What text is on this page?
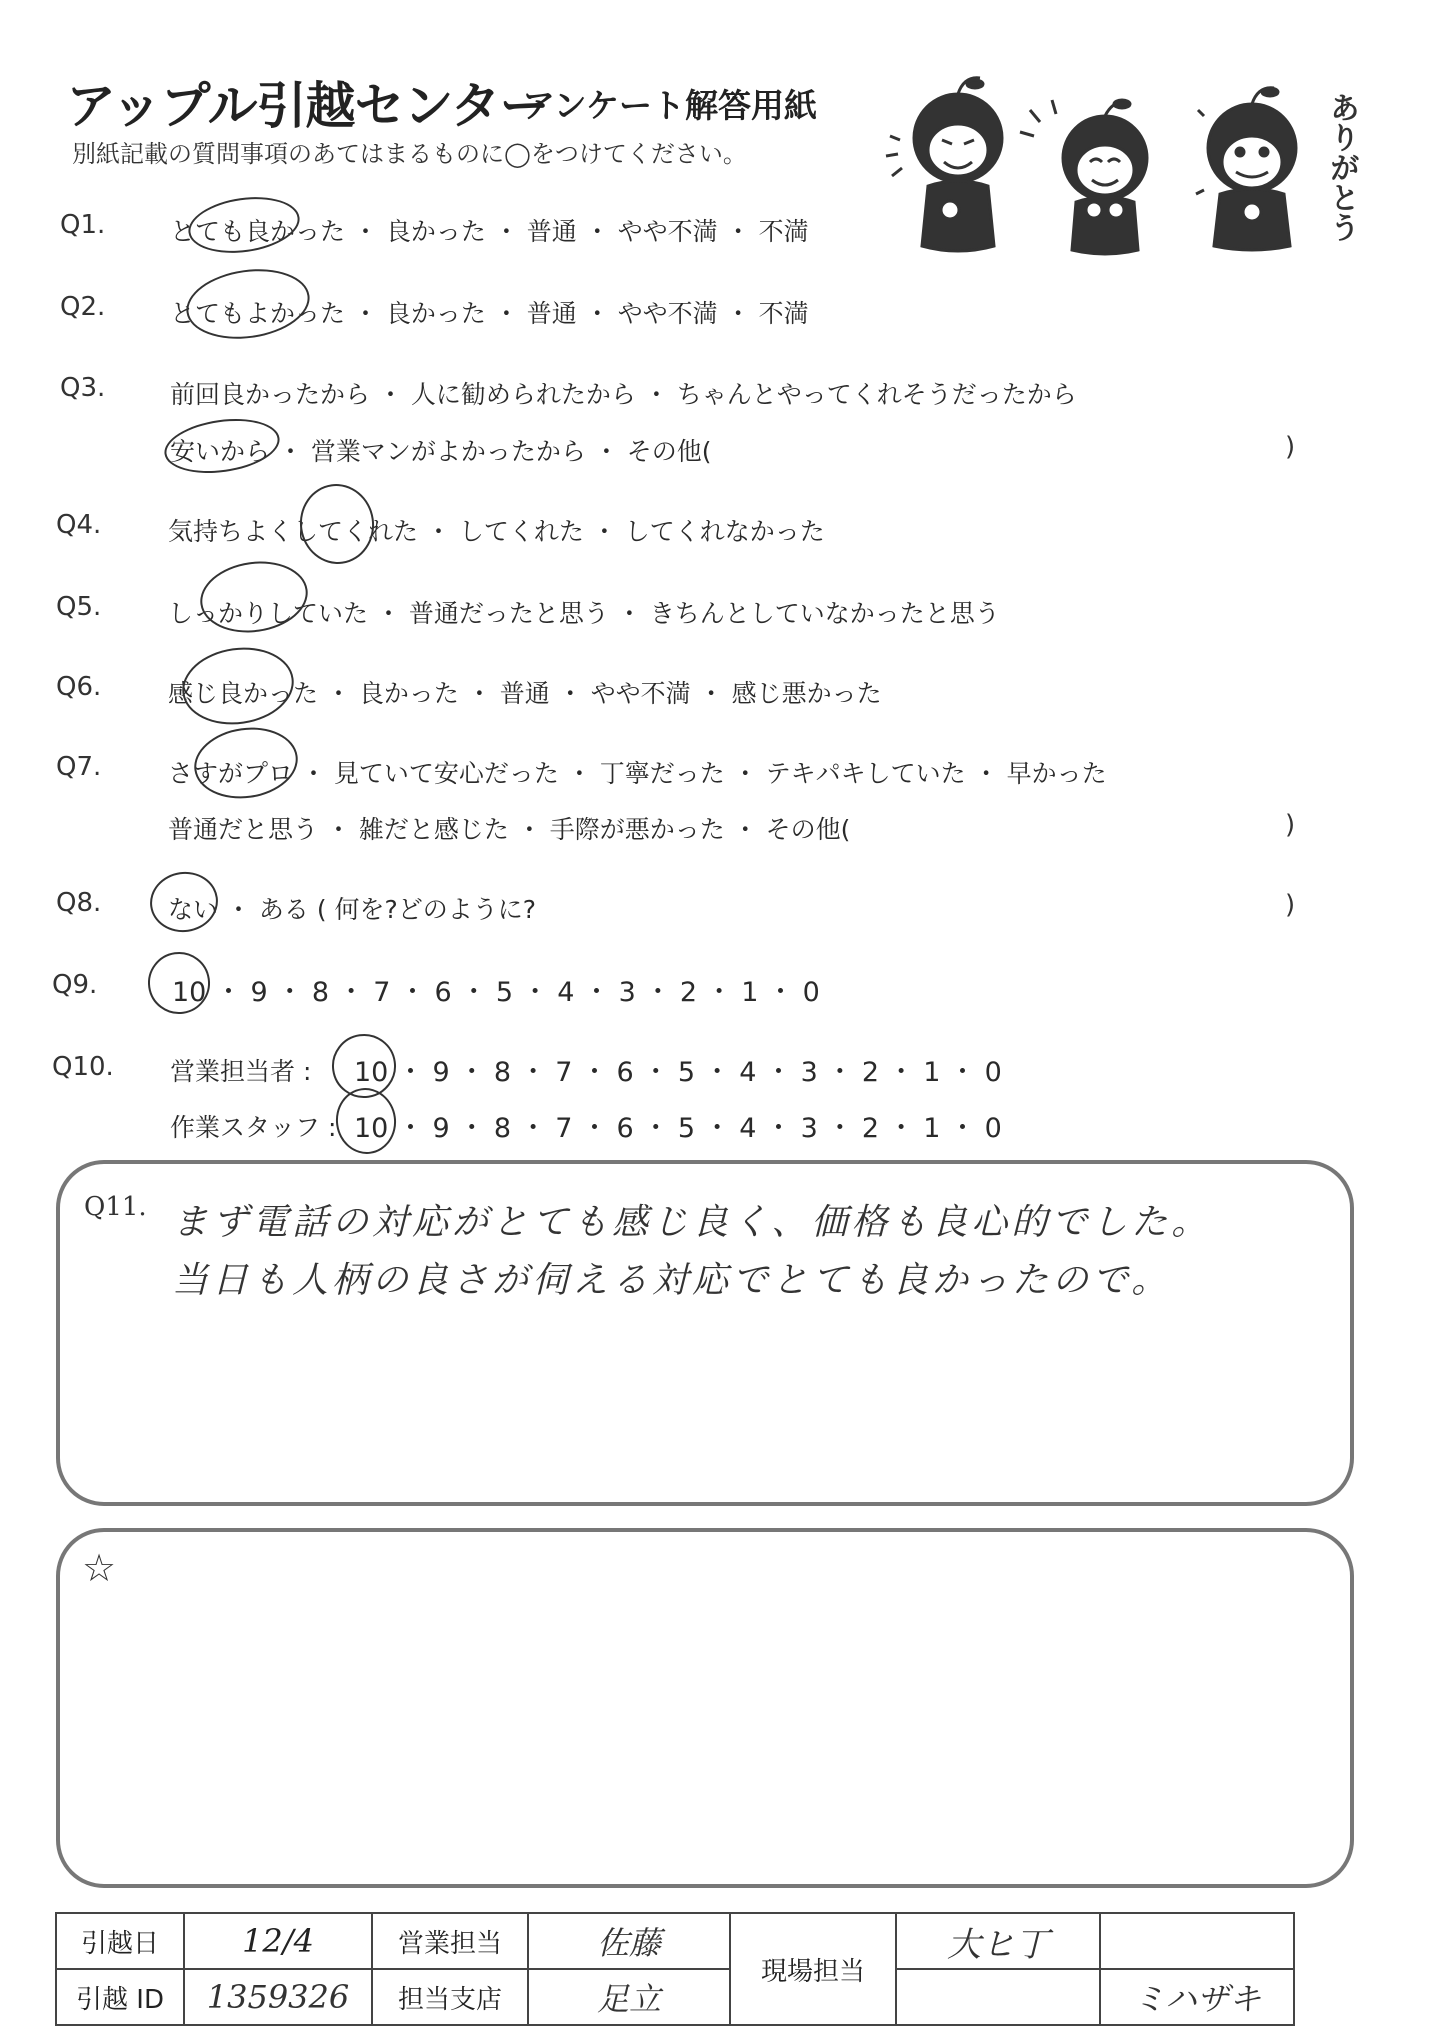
アップル引越センター
アンケート解答用紙
別紙記載の質問事項のあてはまるものに◯をつけてください。	ありがとう
Q1.	とても良かった ・ 良かった ・ 普通 ・ やや不満 ・ 不満
Q2.	とてもよかった ・ 良かった ・ 普通 ・ やや不満 ・ 不満
Q3.	前回良かったから ・ 人に勧められたから ・ ちゃんとやってくれそうだったから
安いから ・ 営業マンがよかったから ・ その他(	)
Q4.	気持ちよくしてくれた ・ してくれた ・ してくれなかった
Q5.	しっかりしていた ・ 普通だったと思う ・ きちんとしていなかったと思う
Q6.	感じ良かった ・ 良かった ・ 普通 ・ やや不満 ・ 感じ悪かった
Q7.	さすがプロ ・ 見ていて安心だった ・ 丁寧だった ・ テキパキしていた ・ 早かった
普通だと思う ・ 雑だと感じた ・ 手際が悪かった ・ その他(	)
Q8.	ない ・ ある ( 何を?どのように?	)
Q9.	10 ・ 9 ・ 8 ・ 7 ・ 6 ・ 5 ・ 4 ・ 3 ・ 2 ・ 1 ・ 0
Q10. 営業担当者 : 10 ・ 9 ・ 8 ・ 7 ・ 6 ・ 5 ・ 4 ・ 3 ・ 2 ・ 1 ・ 0
作業スタッフ : 10 ・ 9 ・ 8 ・ 7 ・ 6 ・ 5 ・ 4 ・ 3 ・ 2 ・ 1 ・ 0
Q11. まず電話の対応がとても感じ良く、価格も良心的でした。
当日も人柄の良さが伺える対応でとても良かったので。
☆
引越日	12/4	営業担当	佐藤	現場担当	大ヒ丁	
引越 ID	1359326	担当支店	足立			ミハザキ
